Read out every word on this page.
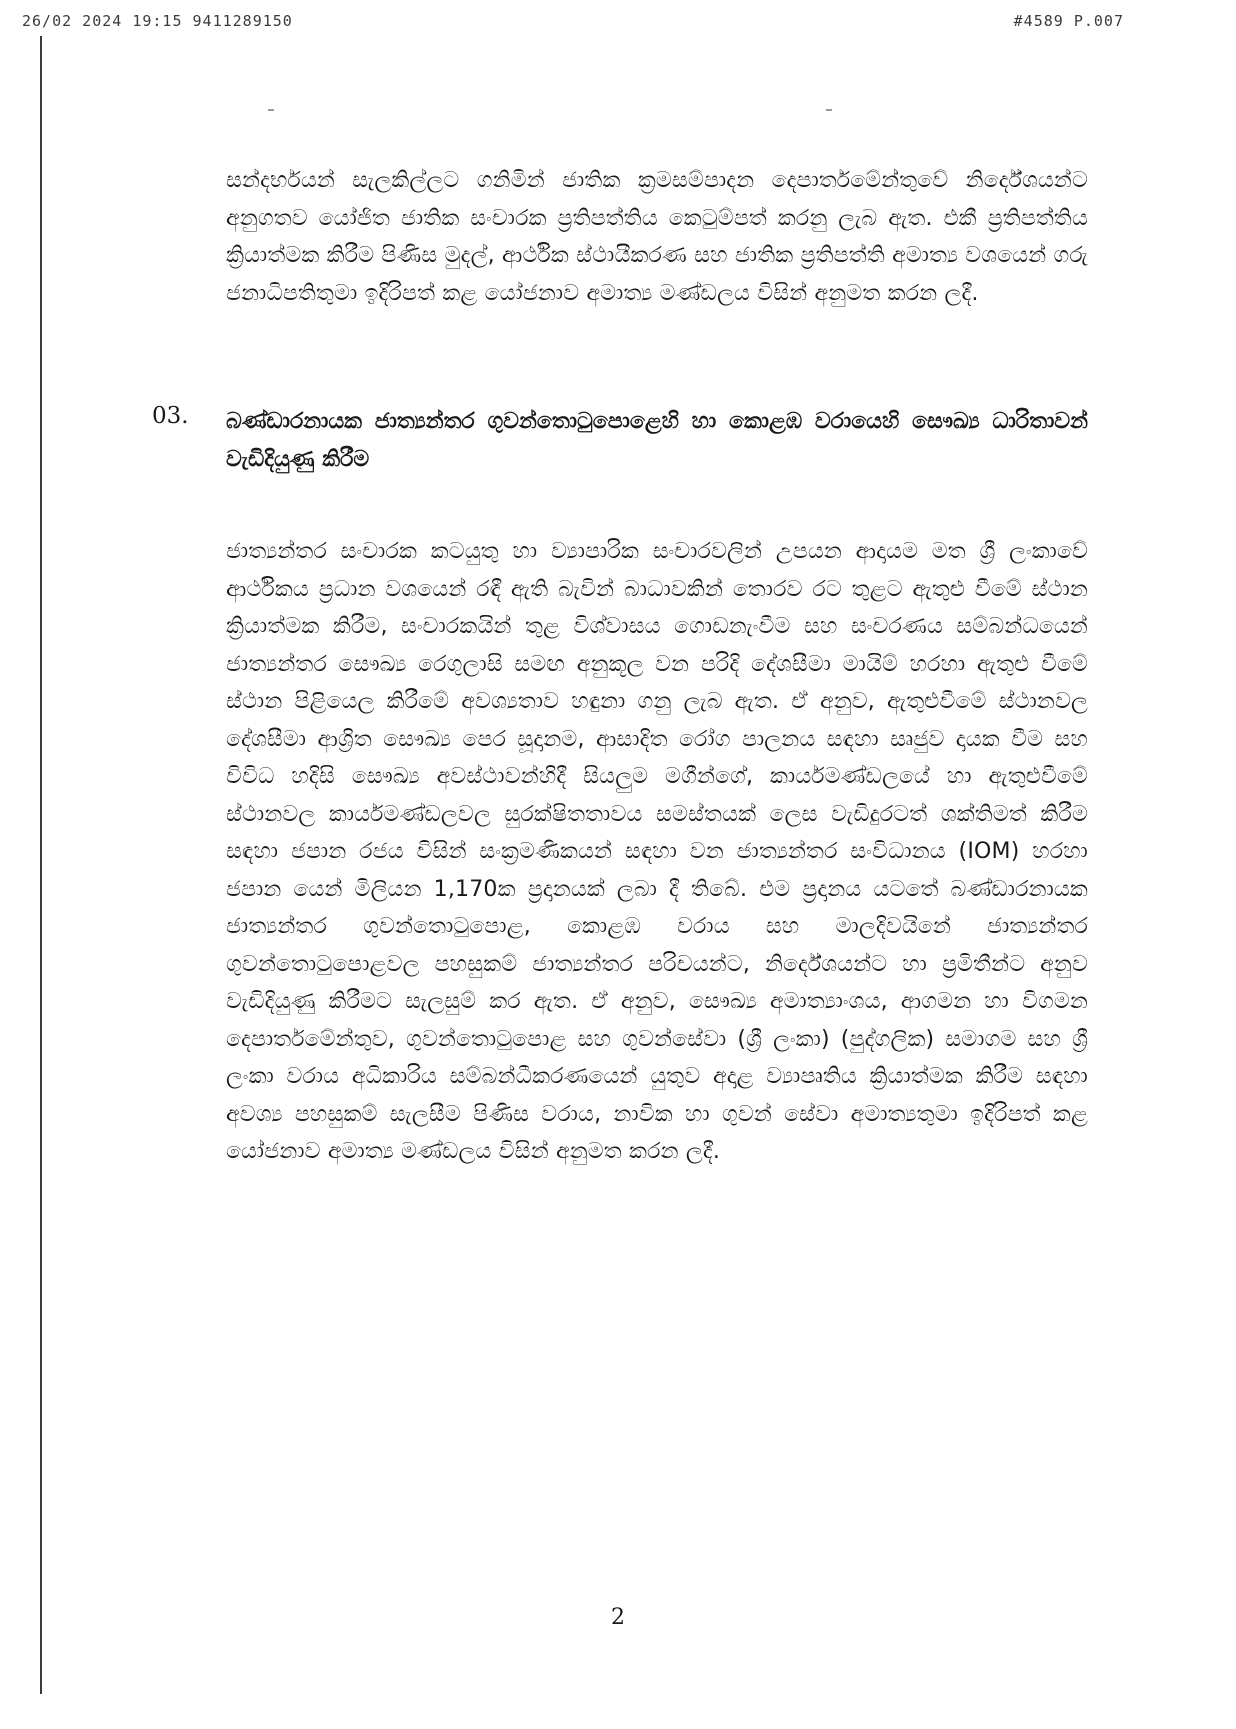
26/02 2024 19:15 9411289150	#4589 P.007

සන්දර්භයන් සැලකිල්ලට ගනිමින් ජාතික ක්‍රමසම්පාදන දෙපාර්තමේන්තුවේ නිර්දේශයන්ට අනුගතව යෝජිත ජාතික සංචාරක ප්‍රතිපත්තිය කෙටුම්පත් කරනු ලැබ ඇත. එකී ප්‍රතිපත්තිය ක්‍රියාත්මක කිරීම පිණිස මුදල්, ආර්ථික ස්ථායීකරණ සහ ජාතික ප්‍රතිපත්ති අමාත්‍ය වශයෙන් ගරු ජනාධිපතිතුමා ඉදිරිපත් කළ යෝජනාව අමාත්‍ය මණ්ඩලය විසින් අනුමත කරන ලදී.

03. බණ්ඩාරනායක ජාත්‍යන්තර ගුවන්තොටුපොළෙහි හා කොළඹ වරායෙහි සෞඛ්‍ය ධාරිතාවන් වැඩිදියුණු කිරීම

ජාත්‍යන්තර සංචාරක කටයුතු හා ව්‍යාපාරික සංචාරවලින් උපයන ආදායම මත ශ්‍රී ලංකාවේ ආර්ථිකය ප්‍රධාන වශයෙන් රඳී ඇති බැවින් බාධාවකින් තොරව රට තුළට ඇතුළු වීමේ ස්ථාන ක්‍රියාත්මක කිරීම, සංචාරකයින් තුළ විශ්වාසය ගොඩනැංවීම සහ සංචරණය සම්බන්ධයෙන් ජාත්‍යන්තර සෞඛ්‍ය රෙගුලාසි සමඟ අනුකූල වන පරිදි දේශසීමා මායිම් හරහා ඇතුළු වීමේ ස්ථාන පිළියෙල කිරීමේ අවශ්‍යතාව හඳුනා ගනු ලැබ ඇත. ඒ අනුව, ඇතුළුවීමේ ස්ථානවල දේශසීමා ආශ්‍රිත සෞඛ්‍ය පෙර සූදානම, ආසාදිත රෝග පාලනය සඳහා සෘජුව දායක වීම සහ විවිධ හදිසි සෞඛ්‍ය අවස්ථාවන්හිදී සියලුම මගීන්ගේ, කාර්යමණ්ඩලයේ හා ඇතුළුවීමේ ස්ථානවල කාර්යමණ්ඩලවල සුරක්ෂිතතාවය සමස්තයක් ලෙස වැඩිදුරටත් ශක්තිමත් කිරීම සඳහා ජපාන රජය විසින් සංක්‍රමණිකයන් සඳහා වන ජාත්‍යන්තර සංවිධානය (IOM) හරහා ජපාන යෙන් මිලියන 1,170ක ප්‍රදානයක් ලබා දී තිබේ. එම ප්‍රදානය යටතේ බණ්ඩාරනායක ජාත්‍යන්තර ගුවන්තොටුපොළ, කොළඹ වරාය සහ මාලදිවයිනේ ජාත්‍යන්තර ගුවන්තොටුපොළවල පහසුකම් ජාත්‍යන්තර පරිචයන්ට, නිර්දේශයන්ට හා ප්‍රමිතීන්ට අනුව වැඩිදියුණු කිරීමට සැලසුම් කර ඇත. ඒ අනුව, සෞඛ්‍ය අමාත්‍යාංශය, ආගමන හා විගමන දෙපාර්තමේන්තුව, ගුවන්තොටුපොළ සහ ගුවන්සේවා (ශ්‍රී ලංකා) (පුද්ගලික) සමාගම සහ ශ්‍රී ලංකා වරාය අධිකාරිය සම්බන්ධීකරණයෙන් යුතුව අදාළ ව්‍යාපෘතිය ක්‍රියාත්මක කිරීම සඳහා අවශ්‍ය පහසුකම් සැලසීම පිණිස වරාය, නාවික හා ගුවන් සේවා අමාත්‍යතුමා ඉදිරිපත් කළ යෝජනාව අමාත්‍ය මණ්ඩලය විසින් අනුමත කරන ලදී.

2
